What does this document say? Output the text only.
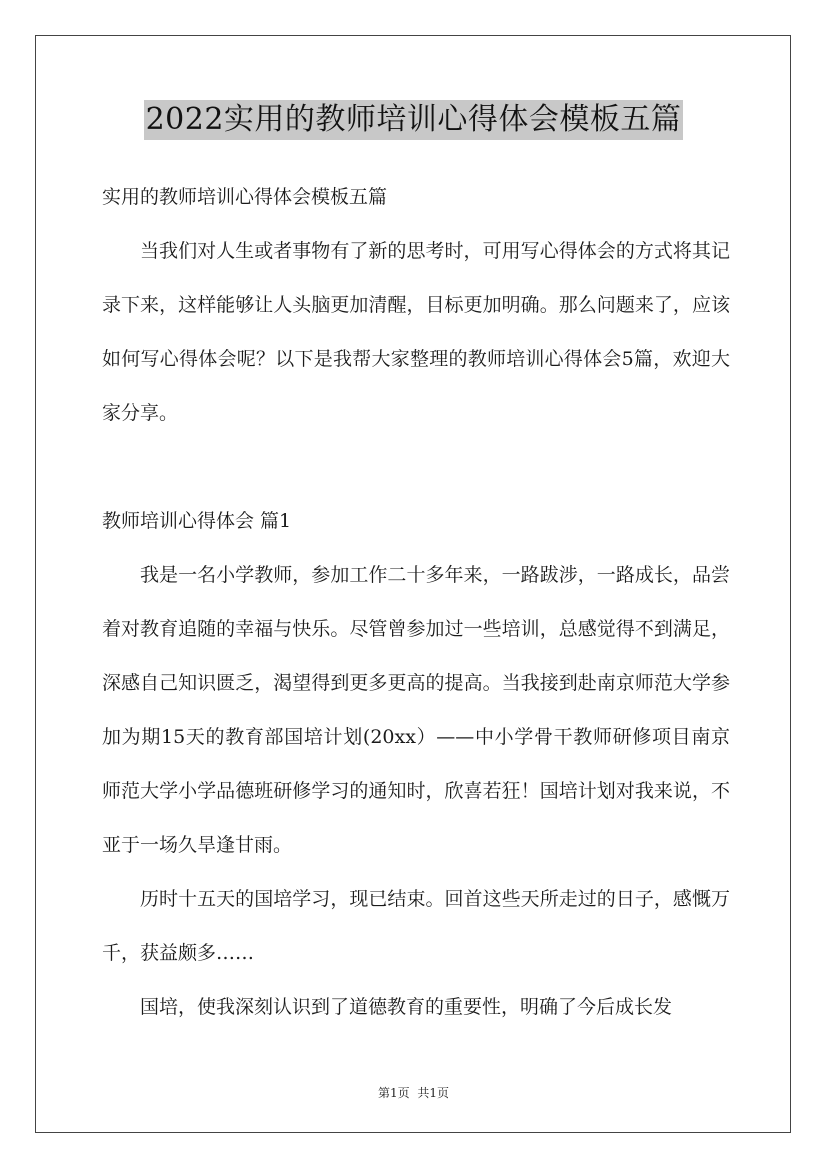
2022实用的教师培训心得体会模板五篇

实用的教师培训心得体会模板五篇

当我们对人生或者事物有了新的思考时，可用写心得体会的方式将其记录下来，这样能够让人头脑更加清醒，目标更加明确。那么问题来了，应该如何写心得体会呢？以下是我帮大家整理的教师培训心得体会5篇，欢迎大家分享。

教师培训心得体会 篇1

我是一名小学教师，参加工作二十多年来，一路跋涉，一路成长，品尝着对教育追随的幸福与快乐。尽管曾参加过一些培训，总感觉得不到满足，深感自己知识匮乏，渴望得到更多更高的提高。当我接到赴南京师范大学参加为期15天的教育部国培计划(20xx）——中小学骨干教师研修项目南京师范大学小学品德班研修学习的通知时，欣喜若狂！国培计划对我来说，不亚于一场久旱逢甘雨。

历时十五天的国培学习，现已结束。回首这些天所走过的日子，感慨万千，获益颇多……

国培，使我深刻认识到了道德教育的重要性，明确了今后成长发

第1页 共1页
